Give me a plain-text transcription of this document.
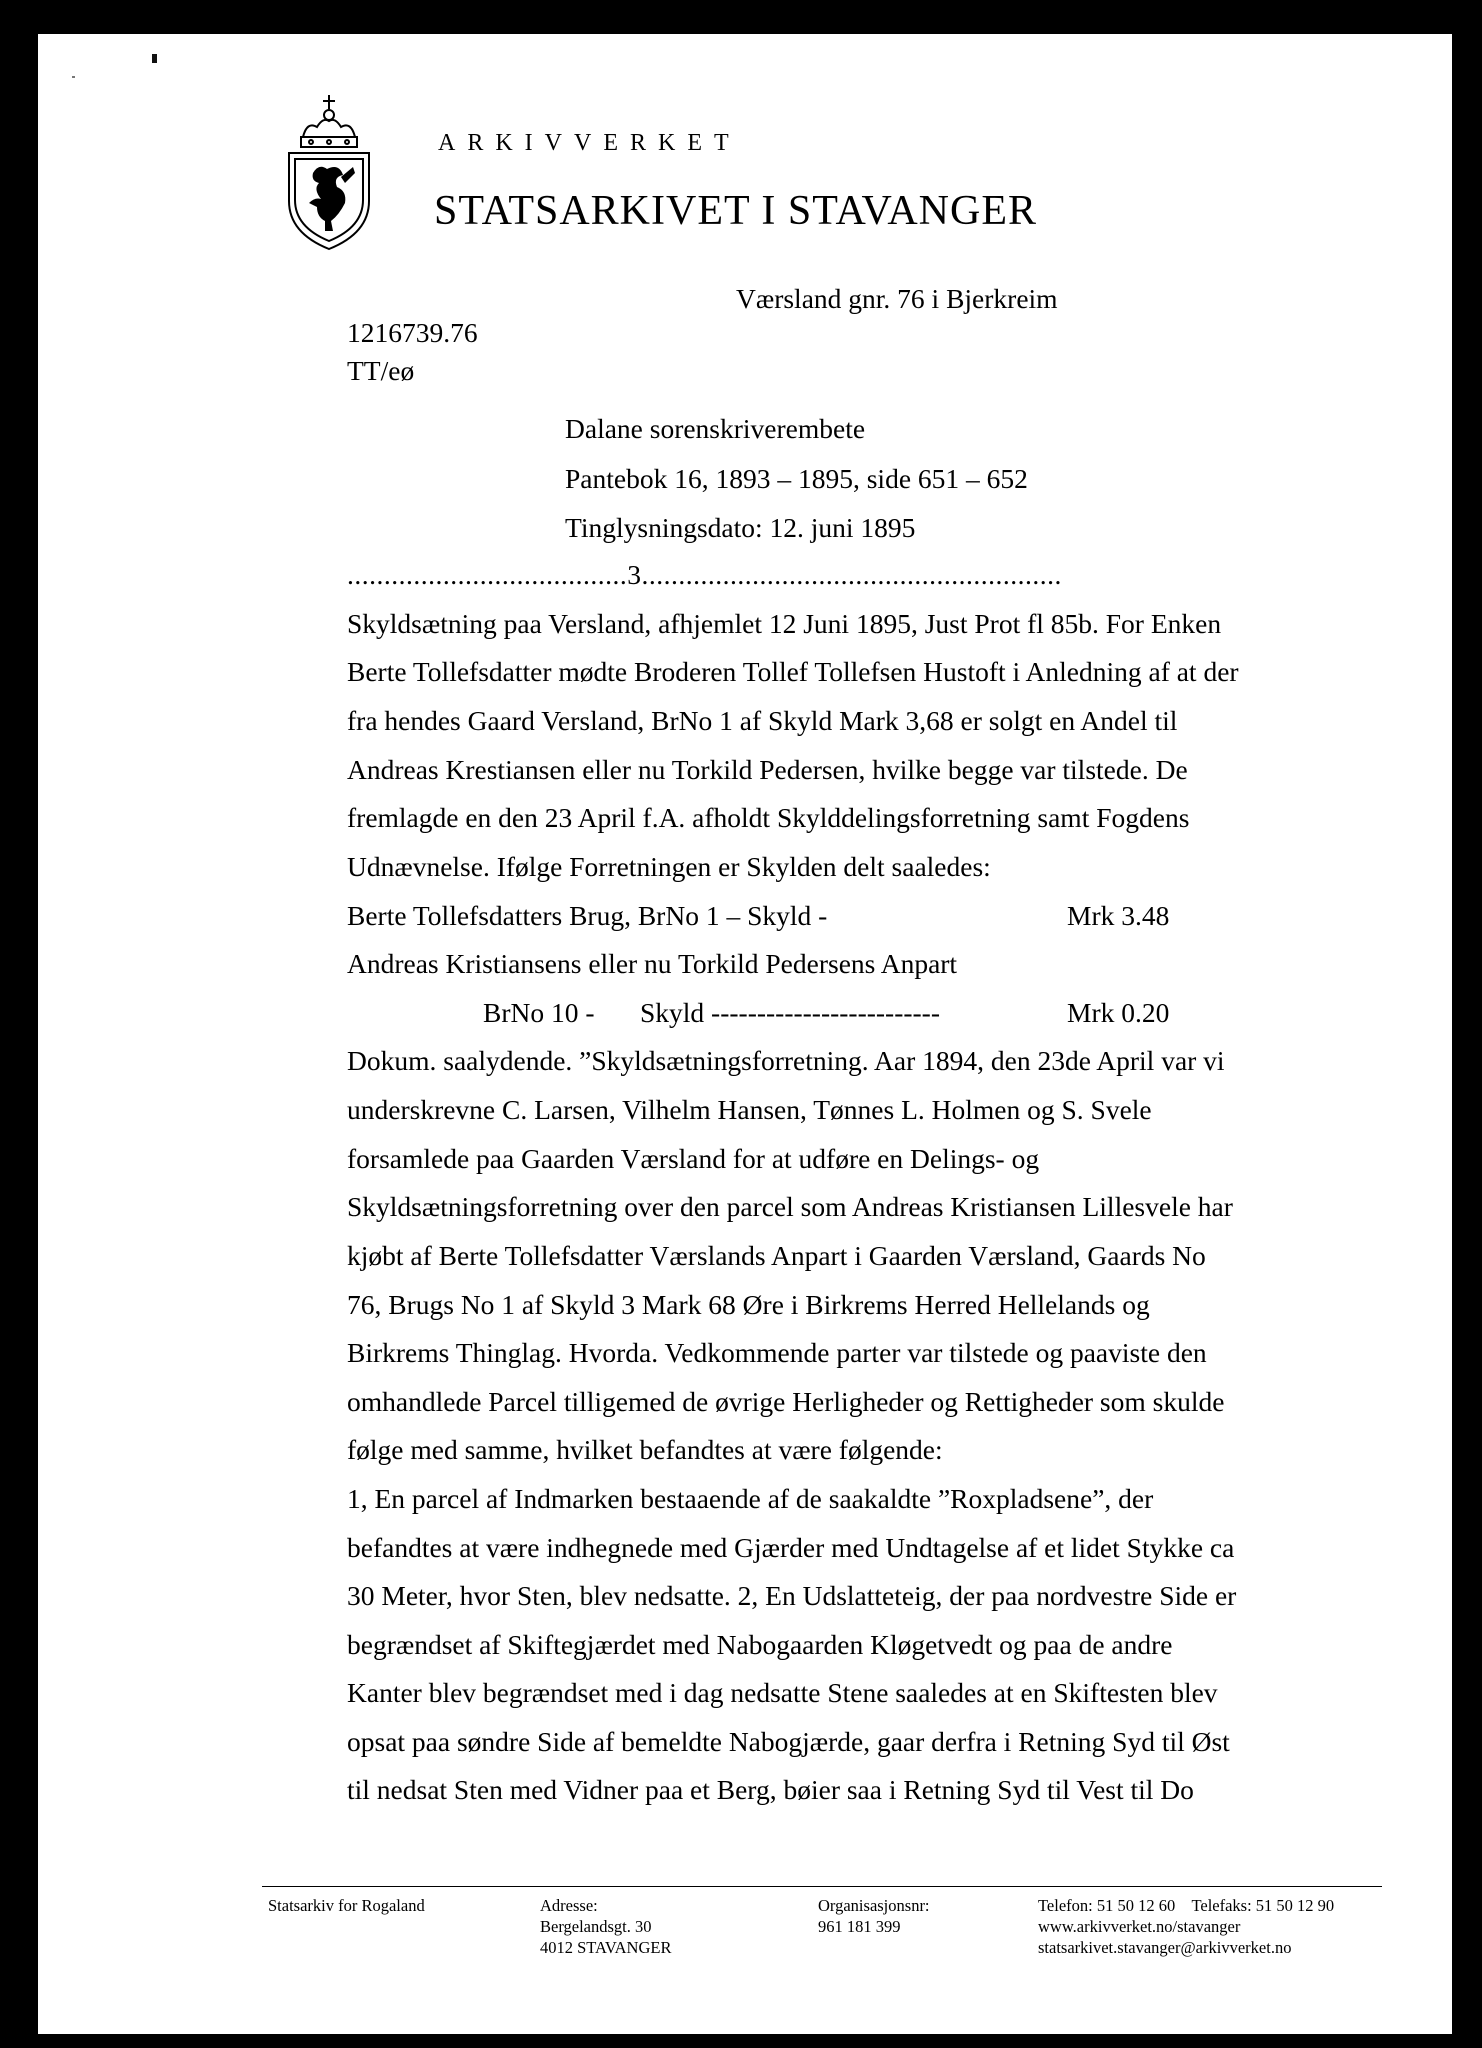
ARKIVVERKET
STATSARKIVET I STAVANGER
Værsland gnr. 76 i Bjerkreim
1216739.76
TT/eø
Dalane sorenskriverembete
Pantebok 16, 1893 – 1895, side 651 – 652
Tinglysningsdato: 12. juni 1895
......................................3.........................................................
Skyldsætning paa Versland, afhjemlet 12 Juni 1895, Just Prot fl 85b. For Enken
Berte Tollefsdatter mødte Broderen Tollef Tollefsen Hustoft i Anledning af at der
fra hendes Gaard Versland, BrNo 1 af Skyld Mark 3,68 er solgt en Andel til
Andreas Krestiansen eller nu Torkild Pedersen, hvilke begge var tilstede. De
fremlagde en den 23 April f.A. afholdt Skylddelingsforretning samt Fogdens
Udnævnelse. Ifølge Forretningen er Skylden delt saaledes:
Berte Tollefsdatters Brug, BrNo 1 – Skyld -	Mrk 3.48
Andreas Kristiansens eller nu Torkild Pedersens Anpart
BrNo 10 - Skyld -------------------------	Mrk 0.20
Dokum. saalydende. ”Skyldsætningsforretning. Aar 1894, den 23de April var vi
underskrevne C. Larsen, Vilhelm Hansen, Tønnes L. Holmen og S. Svele
forsamlede paa Gaarden Værsland for at udføre en Delings- og
Skyldsætningsforretning over den parcel som Andreas Kristiansen Lillesvele har
kjøbt af Berte Tollefsdatter Værslands Anpart i Gaarden Værsland, Gaards No
76, Brugs No 1 af Skyld 3 Mark 68 Øre i Birkrems Herred Hellelands og
Birkrems Thinglag. Hvorda. Vedkommende parter var tilstede og paaviste den
omhandlede Parcel tilligemed de øvrige Herligheder og Rettigheder som skulde
følge med samme, hvilket befandtes at være følgende:
1, En parcel af Indmarken bestaaende af de saakaldte ”Roxpladsene”, der
befandtes at være indhegnede med Gjærder med Undtagelse af et lidet Stykke ca
30 Meter, hvor Sten, blev nedsatte. 2, En Udslatteteig, der paa nordvestre Side er
begrændset af Skiftegjærdet med Nabogaarden Kløgetvedt og paa de andre
Kanter blev begrændset med i dag nedsatte Stene saaledes at en Skiftesten blev
opsat paa søndre Side af bemeldte Nabogjærde, gaar derfra i Retning Syd til Øst
til nedsat Sten med Vidner paa et Berg, bøier saa i Retning Syd til Vest til Do
Statsarkiv for Rogaland	Adresse:
Bergelandsgt. 30
4012 STAVANGER
Organisasjonsnr:
961 181 399
Telefon: 51 50 12 60    Telefaks: 51 50 12 90
www.arkivverket.no/stavanger
statsarkivet.stavanger@arkivverket.no
